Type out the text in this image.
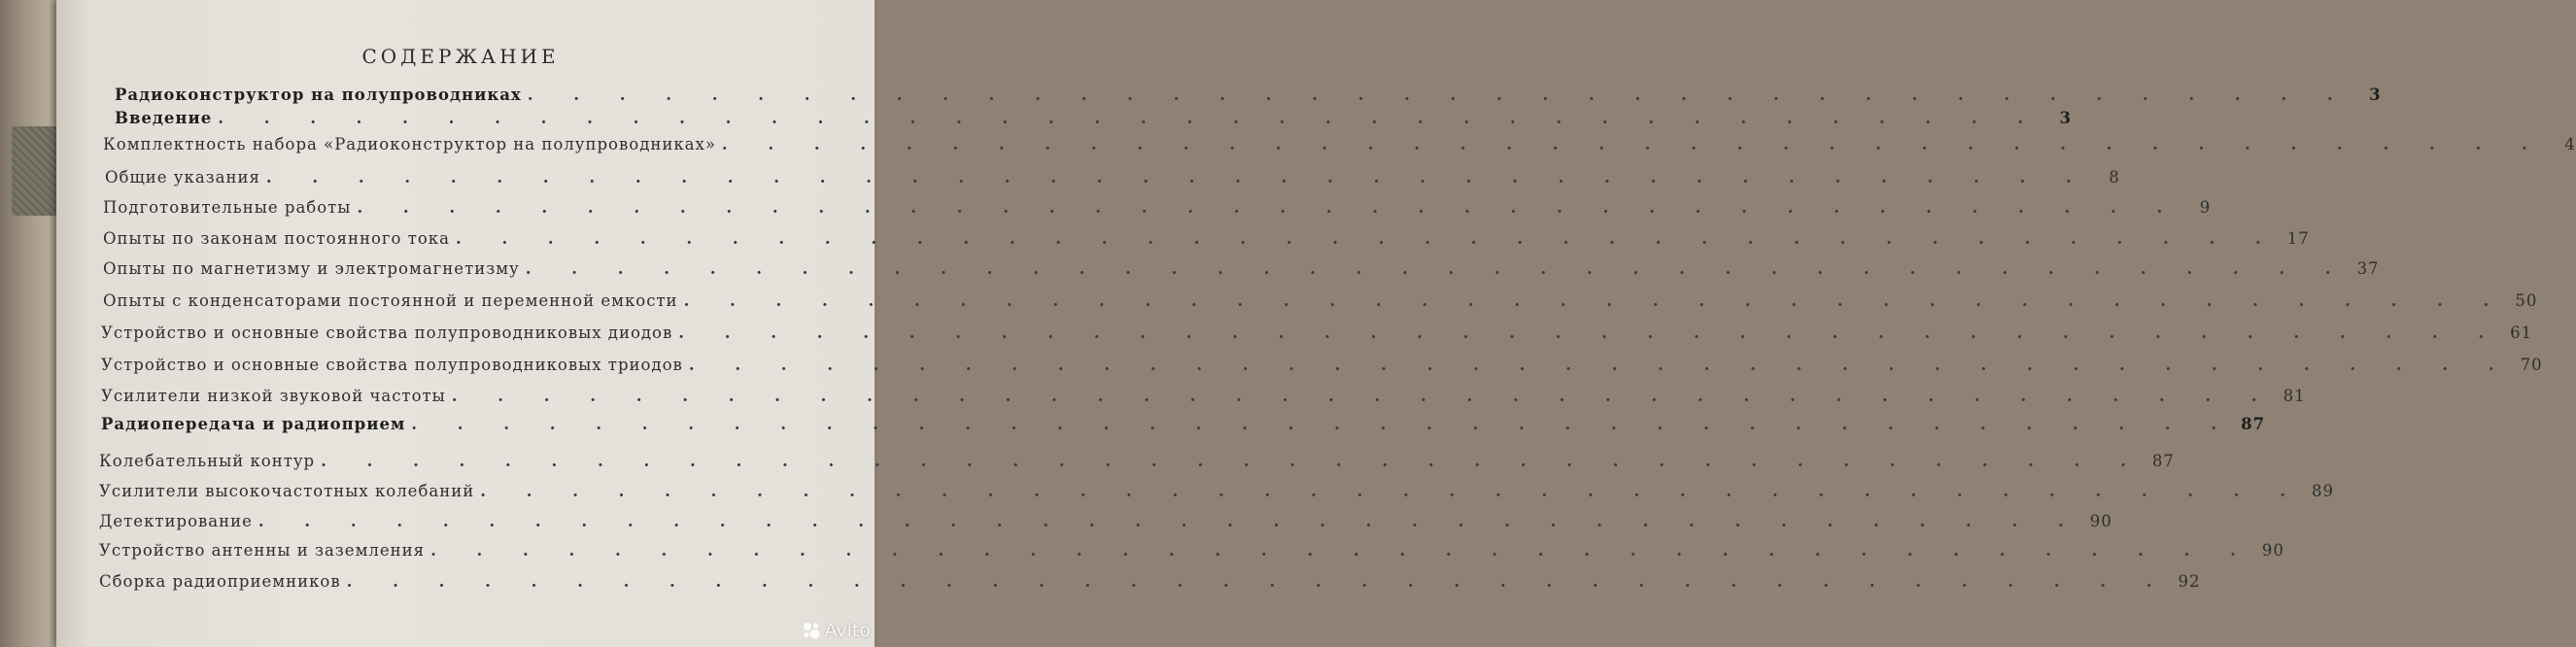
СОДЕРЖАНИЕ
Радиоконструктор на полупроводниках . . . . . . . . . . . . . . . . . . . . . . . . . . . . . . . . . . . . . . . .	3
Введение . . . . . . . . . . . . . . . . . . . . . . . . . . . . . . . . . . . . . . . .	3
Комплектность набора «Радиоконструктор на полупроводниках» . . . . . . . . . . . . . . . . . . . . . . . . . . . . . . . . . . . . . . . .	4
Общие указания . . . . . . . . . . . . . . . . . . . . . . . . . . . . . . . . . . . . . . . .	8
Подготовительные работы . . . . . . . . . . . . . . . . . . . . . . . . . . . . . . . . . . . . . . . .	9
Опыты по законам постоянного тока . . . . . . . . . . . . . . . . . . . . . . . . . . . . . . . . . . . . . . . . 17
Опыты по магнетизму и электромагнетизму . . . . . . . . . . . . . . . . . . . . . . . . . . . . . . . . . . . . . . . . 37
Опыты с конденсаторами постоянной и переменной емкости . . . . . . . . . . . . . . . . . . . . . . . . . . . . . . . . . . . . . . . . 50
Устройство и основные свойства полупроводниковых диодов . . . . . . . . . . . . . . . . . . . . . . . . . . . . . . . . . . . . . . . . 61
Устройство и основные свойства полупроводниковых триодов . . . . . . . . . . . . . . . . . . . . . . . . . . . . . . . . . . . . . . . . 70
Усилители низкой звуковой частоты . . . . . . . . . . . . . . . . . . . . . . . . . . . . . . . . . . . . . . . . 81
Радиопередача и радиоприем . . . . . . . . . . . . . . . . . . . . . . . . . . . . . . . . . . . . . . . . 87
Колебательный контур . . . . . . . . . . . . . . . . . . . . . . . . . . . . . . . . . . . . . . . . 87
Усилители высокочастотных колебаний . . . . . . . . . . . . . . . . . . . . . . . . . . . . . . . . . . . . . . . . 89
Детектирование . . . . . . . . . . . . . . . . . . . . . . . . . . . . . . . . . . . . . . . . 90
Устройство антенны и заземления . . . . . . . . . . . . . . . . . . . . . . . . . . . . . . . . . . . . . . . . 90
Сборка радиоприемников . . . . . . . . . . . . . . . . . . . . . . . . . . . . . . . . . . . . . . . . 92
Avito
